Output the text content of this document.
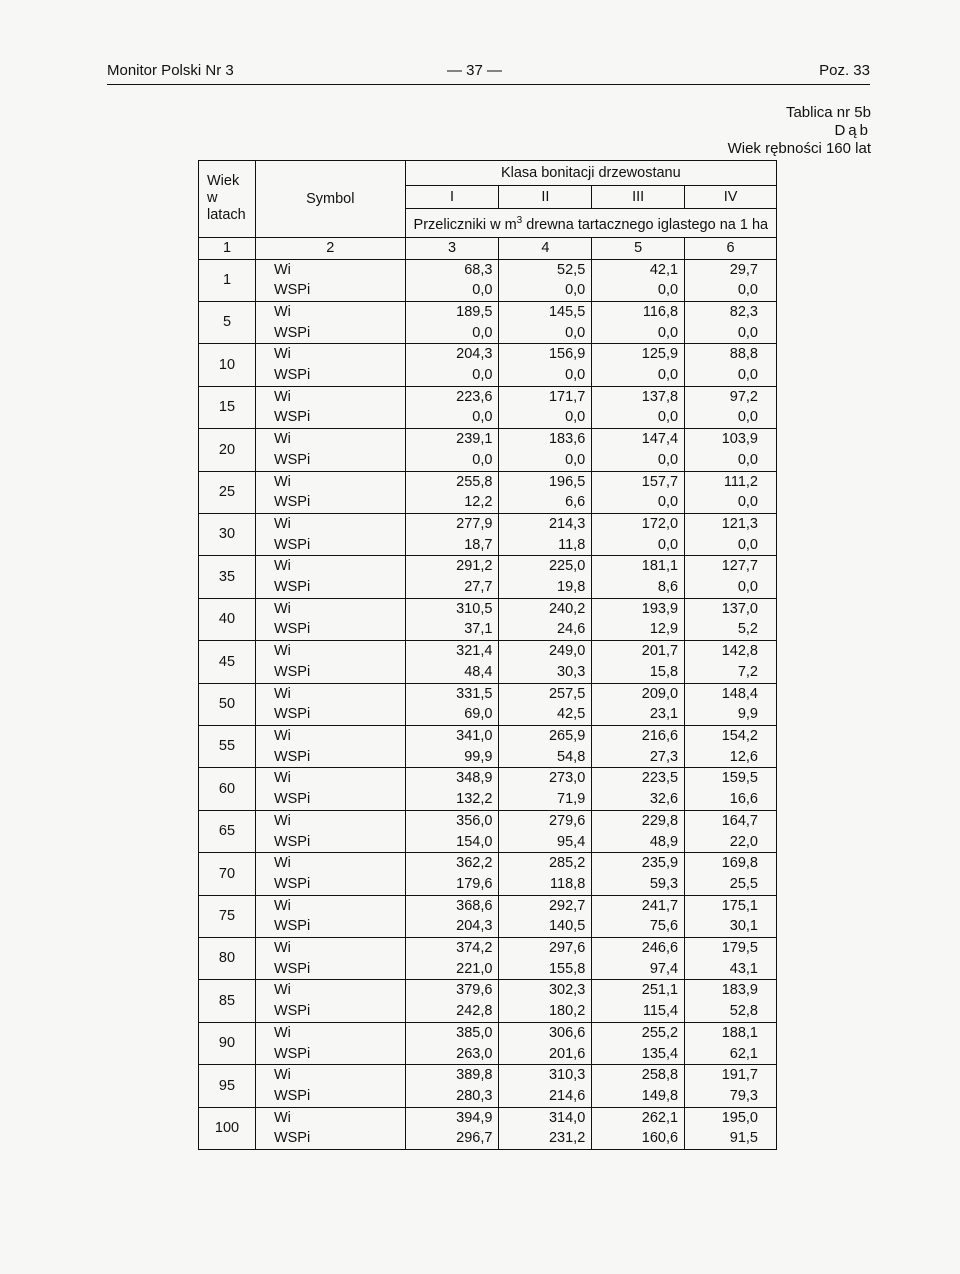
Monitor Polski Nr 3	— 37 —	Poz. 33
Tablica nr 5b
Dąb
Wiek rębności 160 lat
Wiek
w
latach	Symbol	Klasa bonitacji drzewostanu			
		I	II	III	IV
		Przeliczniki w $m^3$ drewna tartacznego iglastego na 1 ha			
1	2	3	4	5	6
1	Wi	68,3	52,5	42,1	29,7
	WSPi	0,0	0,0	0,0	0,0
5	Wi	189,5	145,5	116,8	82,3
	WSPi	0,0	0,0	0,0	0,0
10	Wi	204,3	156,9	125,9	88,8
	WSPi	0,0	0,0	0,0	0,0
15	Wi	223,6	171,7	137,8	97,2
	WSPi	0,0	0,0	0,0	0,0
20	Wi	239,1	183,6	147,4	103,9
	WSPi	0,0	0,0	0,0	0,0
25	Wi	255,8	196,5	157,7	111,2
	WSPi	12,2	6,6	0,0	0,0
30	Wi	277,9	214,3	172,0	121,3
	WSPi	18,7	11,8	0,0	0,0
35	Wi	291,2	225,0	181,1	127,7
	WSPi	27,7	19,8	8,6	0,0
40	Wi	310,5	240,2	193,9	137,0
	WSPi	37,1	24,6	12,9	5,2
45	Wi	321,4	249,0	201,7	142,8
	WSPi	48,4	30,3	15,8	7,2
50	Wi	331,5	257,5	209,0	148,4
	WSPi	69,0	42,5	23,1	9,9
55	Wi	341,0	265,9	216,6	154,2
	WSPi	99,9	54,8	27,3	12,6
60	Wi	348,9	273,0	223,5	159,5
	WSPi	132,2	71,9	32,6	16,6
65	Wi	356,0	279,6	229,8	164,7
	WSPi	154,0	95,4	48,9	22,0
70	Wi	362,2	285,2	235,9	169,8
	WSPi	179,6	118,8	59,3	25,5
75	Wi	368,6	292,7	241,7	175,1
	WSPi	204,3	140,5	75,6	30,1
80	Wi	374,2	297,6	246,6	179,5
	WSPi	221,0	155,8	97,4	43,1
85	Wi	379,6	302,3	251,1	183,9
	WSPi	242,8	180,2	115,4	52,8
90	Wi	385,0	306,6	255,2	188,1
	WSPi	263,0	201,6	135,4	62,1
95	Wi	389,8	310,3	258,8	191,7
	WSPi	280,3	214,6	149,8	79,3
100	Wi	394,9	314,0	262,1	195,0
	WSPi	296,7	231,2	160,6	91,5
